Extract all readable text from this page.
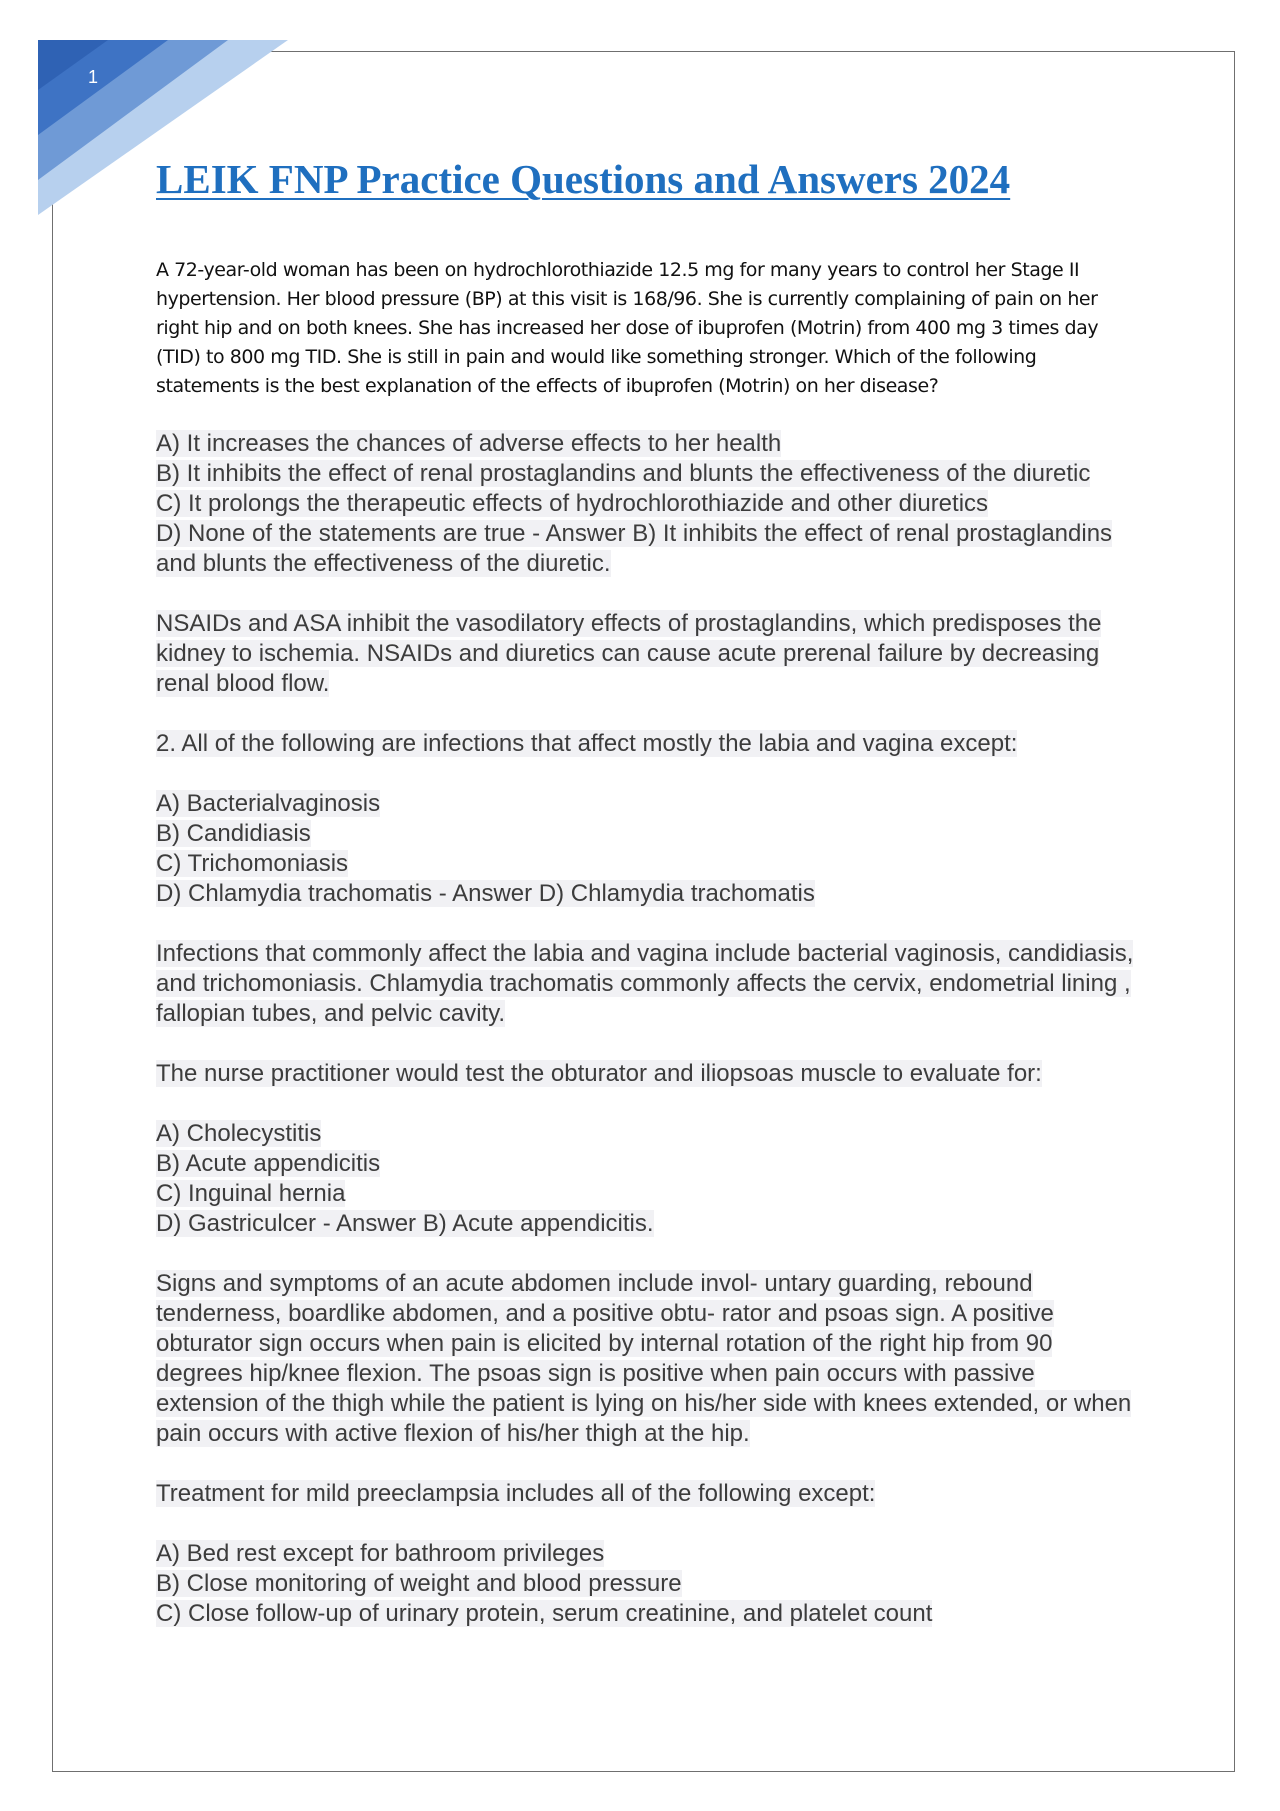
1
LEIK FNP Practice Questions and Answers 2024

A 72-year-old woman has been on hydrochlorothiazide 12.5 mg for many years to control her Stage II hypertension. Her blood pressure (BP) at this visit is 168/96. She is currently complaining of pain on her right hip and on both knees. She has increased her dose of ibuprofen (Motrin) from 400 mg 3 times day (TID) to 800 mg TID. She is still in pain and would like something stronger. Which of the following statements is the best explanation of the effects of ibuprofen (Motrin) on her disease?

A) It increases the chances of adverse effects to her health
B) It inhibits the effect of renal prostaglandins and blunts the effectiveness of the diuretic
C) It prolongs the therapeutic effects of hydrochlorothiazide and other diuretics
D) None of the statements are true - Answer B) It inhibits the effect of renal prostaglandins and blunts the effectiveness of the diuretic.
NSAIDs and ASA inhibit the vasodilatory effects of prostaglandins, which predisposes the kidney to ischemia. NSAIDs and diuretics can cause acute prerenal failure by decreasing renal blood flow.
2. All of the following are infections that affect mostly the labia and vagina except:
A) Bacterialvaginosis
B) Candidiasis
C) Trichomoniasis
D) Chlamydia trachomatis - Answer D) Chlamydia trachomatis
Infections that commonly affect the labia and vagina include bacterial vaginosis, candidiasis, and trichomoniasis. Chlamydia trachomatis commonly affects the cervix, endometrial lining , fallopian tubes, and pelvic cavity.
The nurse practitioner would test the obturator and iliopsoas muscle to evaluate for:
A) Cholecystitis
B) Acute appendicitis
C) Inguinal hernia
D) Gastriculcer - Answer B) Acute appendicitis.
Signs and symptoms of an acute abdomen include invol- untary guarding, rebound tenderness, boardlike abdomen, and a positive obtu- rator and psoas sign. A positive obturator sign occurs when pain is elicited by internal rotation of the right hip from 90 degrees hip/knee flexion. The psoas sign is positive when pain occurs with passive extension of the thigh while the patient is lying on his/her side with knees extended, or when pain occurs with active flexion of his/her thigh at the hip.
Treatment for mild preeclampsia includes all of the following except:
A) Bed rest except for bathroom privileges
B) Close monitoring of weight and blood pressure
C) Close follow-up of urinary protein, serum creatinine, and platelet count
